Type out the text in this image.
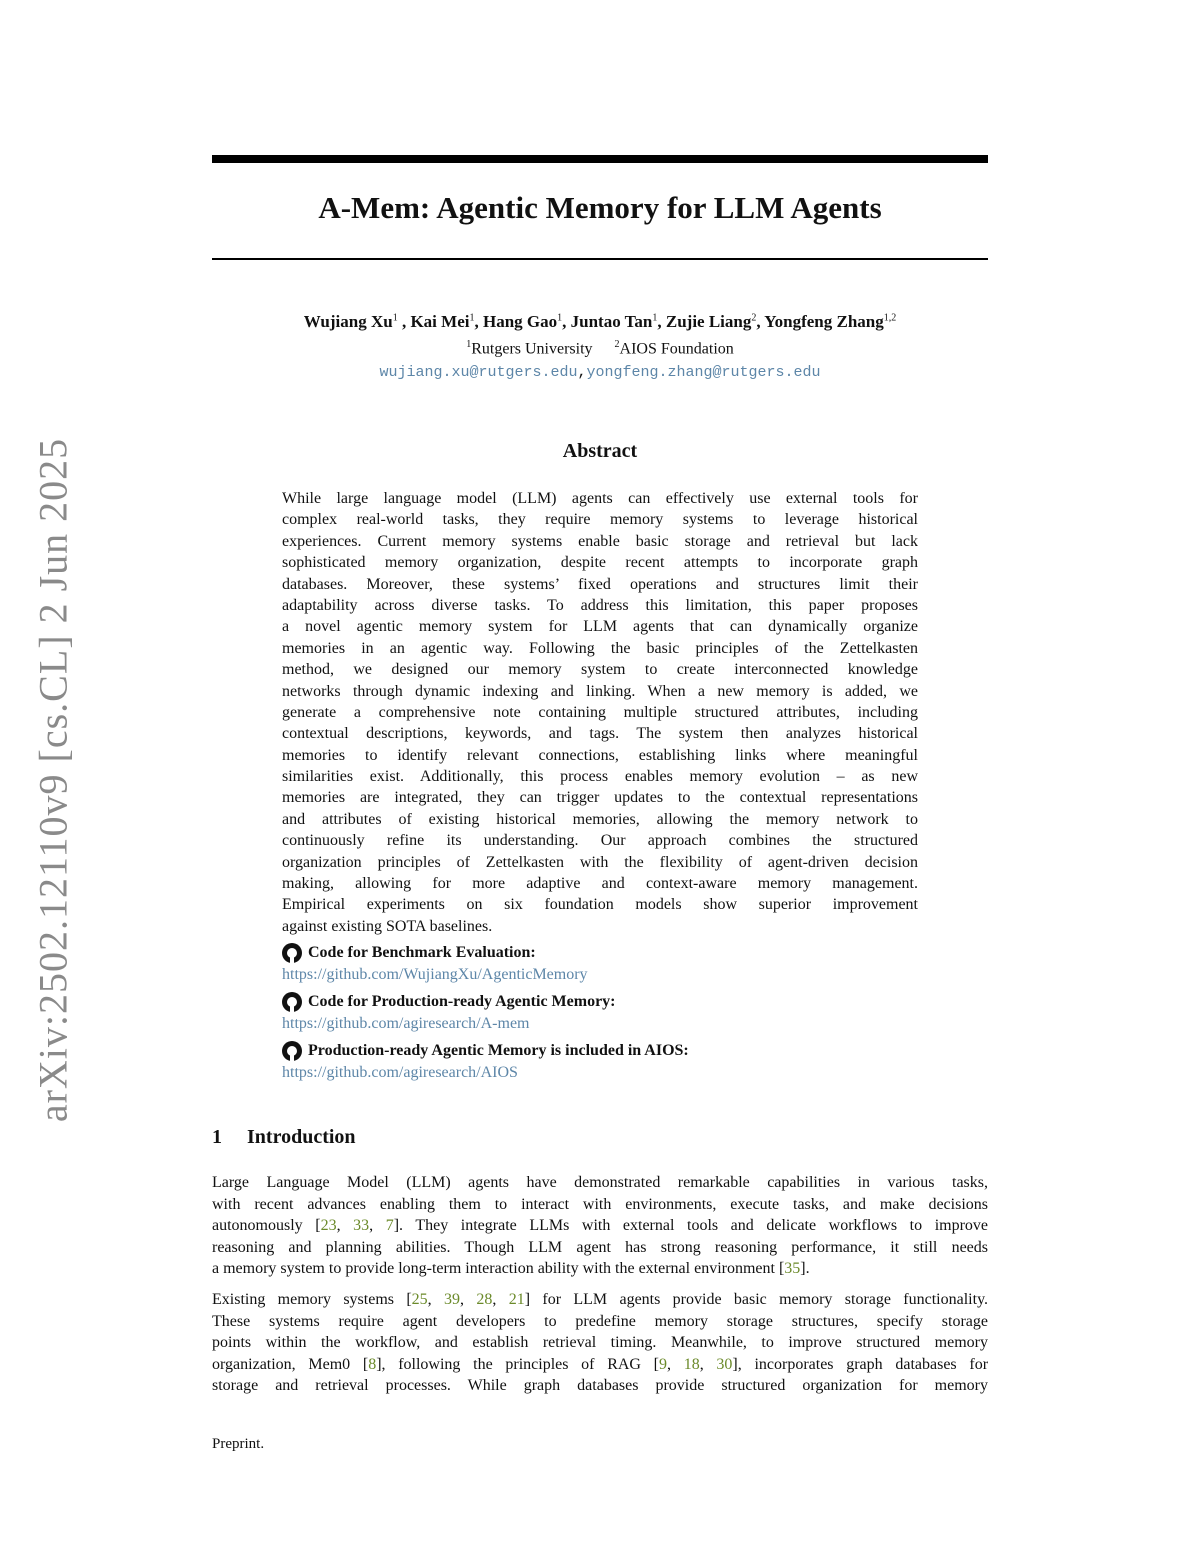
arXiv:2502.12110v9 [cs.CL] 2 Jun 2025
A-Mem: Agentic Memory for LLM Agents
Wujiang Xu$^1$ , Kai Mei$^1$, Hang Gao$^1$, Juntao Tan$^1$, Zujie Liang$^2$, Yongfeng Zhang$^{1,2}$
$^1$Rutgers University $^2$AIOS Foundation
wujiang.xu@rutgers.edu,yongfeng.zhang@rutgers.edu
Abstract
While large language model (LLM) agents can effectively use external tools for
complex real-world tasks, they require memory systems to leverage historical
experiences. Current memory systems enable basic storage and retrieval but lack
sophisticated memory organization, despite recent attempts to incorporate graph
databases. Moreover, these systems’ fixed operations and structures limit their
adaptability across diverse tasks. To address this limitation, this paper proposes
a novel agentic memory system for LLM agents that can dynamically organize
memories in an agentic way. Following the basic principles of the Zettelkasten
method, we designed our memory system to create interconnected knowledge
networks through dynamic indexing and linking. When a new memory is added, we
generate a comprehensive note containing multiple structured attributes, including
contextual descriptions, keywords, and tags. The system then analyzes historical
memories to identify relevant connections, establishing links where meaningful
similarities exist. Additionally, this process enables memory evolution – as new
memories are integrated, they can trigger updates to the contextual representations
and attributes of existing historical memories, allowing the memory network to
continuously refine its understanding. Our approach combines the structured
organization principles of Zettelkasten with the flexibility of agent-driven decision
making, allowing for more adaptive and context-aware memory management.
Empirical experiments on six foundation models show superior improvement
against existing SOTA baselines.
Code for Benchmark Evaluation:
https://github.com/WujiangXu/AgenticMemory
Code for Production-ready Agentic Memory:
https://github.com/agiresearch/A-mem
Production-ready Agentic Memory is included in AIOS:
https://github.com/agiresearch/AIOS
1 Introduction
Large Language Model (LLM) agents have demonstrated remarkable capabilities in various tasks,
with recent advances enabling them to interact with environments, execute tasks, and make decisions
autonomously [23, 33, 7]. They integrate LLMs with external tools and delicate workflows to improve
reasoning and planning abilities. Though LLM agent has strong reasoning performance, it still needs
a memory system to provide long-term interaction ability with the external environment [35].
Existing memory systems [25, 39, 28, 21] for LLM agents provide basic memory storage functionality.
These systems require agent developers to predefine memory storage structures, specify storage
points within the workflow, and establish retrieval timing. Meanwhile, to improve structured memory
organization, Mem0 [8], following the principles of RAG [9, 18, 30], incorporates graph databases for
storage and retrieval processes. While graph databases provide structured organization for memory
Preprint.
